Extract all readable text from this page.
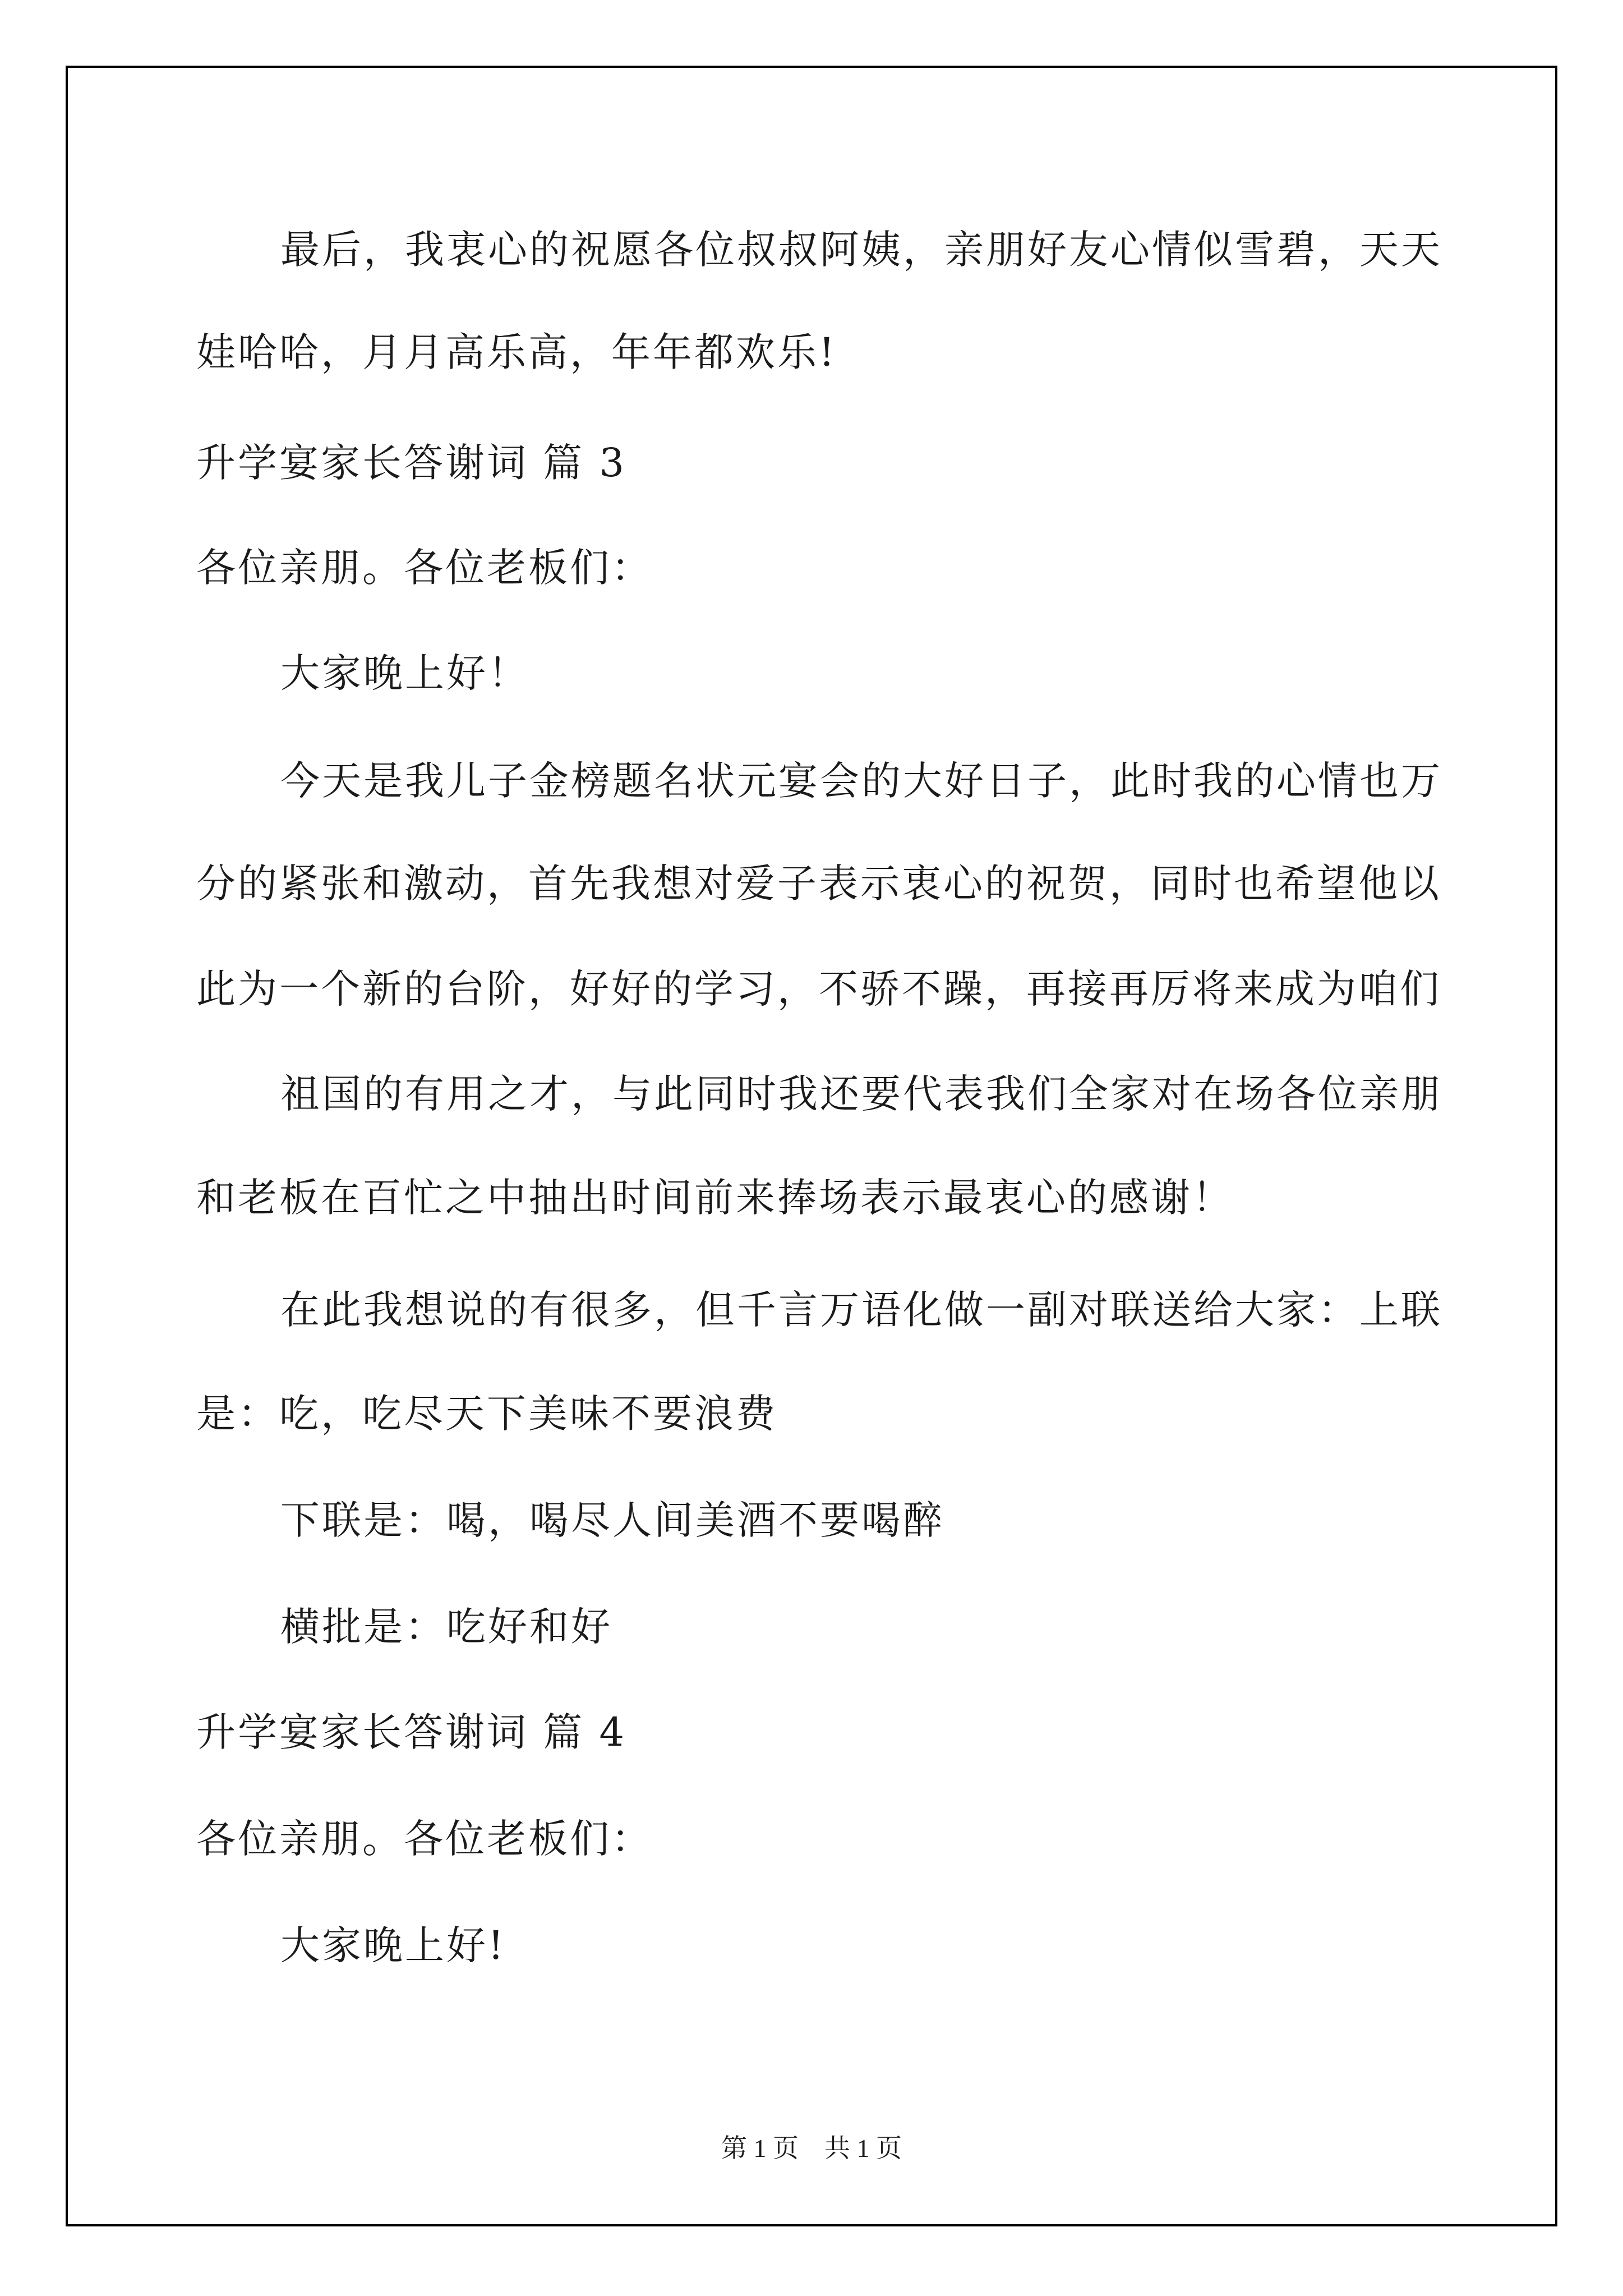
最后，我衷心的祝愿各位叔叔阿姨，亲朋好友心情似雪碧，天天
娃哈哈，月月高乐高，年年都欢乐!
升学宴家长答谢词 篇 3
各位亲朋。各位老板们：
大家晚上好！
今天是我儿子金榜题名状元宴会的大好日子，此时我的心情也万
分的紧张和激动，首先我想对爱子表示衷心的祝贺，同时也希望他以
此为一个新的台阶，好好的学习，不骄不躁，再接再厉将来成为咱们
祖国的有用之才，与此同时我还要代表我们全家对在场各位亲朋
和老板在百忙之中抽出时间前来捧场表示最衷心的感谢！
在此我想说的有很多，但千言万语化做一副对联送给大家：上联
是：吃，吃尽天下美味不要浪费
下联是：喝，喝尽人间美酒不要喝醉
横批是：吃好和好
升学宴家长答谢词 篇 4
各位亲朋。各位老板们：
大家晚上好!
第 1 页    共 1 页
